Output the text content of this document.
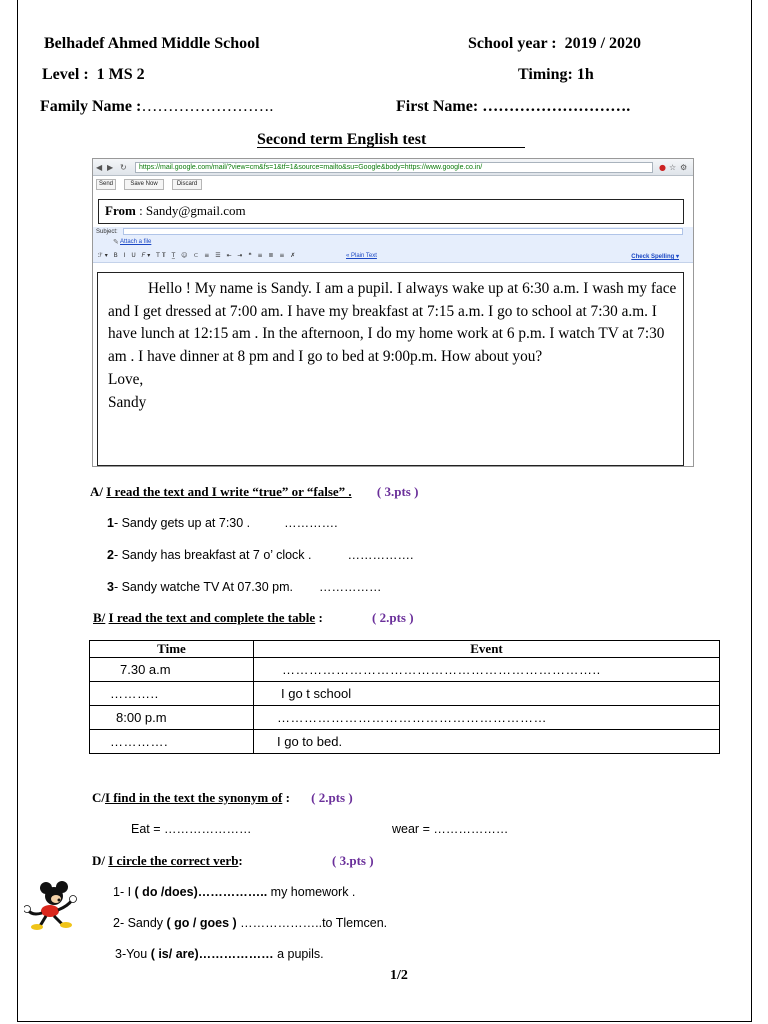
Belhadef Ahmed Middle School	School year : 2019 / 2020
Level : 1 MS 2	Timing: 1h
Family Name :…………………….	First Name: ……………………….
Second term English test
◀ ▶ ↻	https://mail.google.com/mail/?view=cm&fs=1&tf=1&source=mailto&su=Google&body=https://www.google.co.in/	● ☆ ⚙
Send	Save Now	Discard
From : Sandy@gmail.com
Subject:
✎ Attach a file
ℱ▾ B I U 𝐹▾ T𝐓 T̲ ☺ ⊂ ≡ ☰ ⇤ ⇥ ❝ ≡ ≣ ≡ ✗	« Plain Text	Check Spelling ▾

Hello ! My name is Sandy. I am a pupil. I always wake up at 6:30 a.m. I wash my face and I get dressed at 7:00 am. I have my breakfast at 7:15 a.m. I go to school at 7:30 a.m. I have lunch at 12:15 am . In the afternoon, I do my home work at 6 p.m. I watch TV at 7:30 am . I have dinner at 8 pm and I go to bed at 9:00p.m. How about you?

Love,

Sandy

A/ I read the text and I write “true” or “false” . ( 3.pts )
1- Sandy gets up at 7:30 .	………….
2- Sandy has breakfast at 7 o’ clock .	…………….
3- Sandy watche TV At 07.30 pm. ……………
B/ I read the text and complete the table :	( 2.pts )
Time	Event
7.30 a.m	……………………………………………………………..
………..	I go t school
8:00 p.m	……………………………………………………
………….	I go to bed.
C/I find in the text the synonym of : ( 2.pts )
Eat = …………………	wear = ………………
D/ I circle the correct verb:	( 3.pts )
1- I ( do /does)…………….. my homework .
2- Sandy ( go / goes ) ………………..to Tlemcen.
3-You ( is/ are)……………… a pupils.
1/2
